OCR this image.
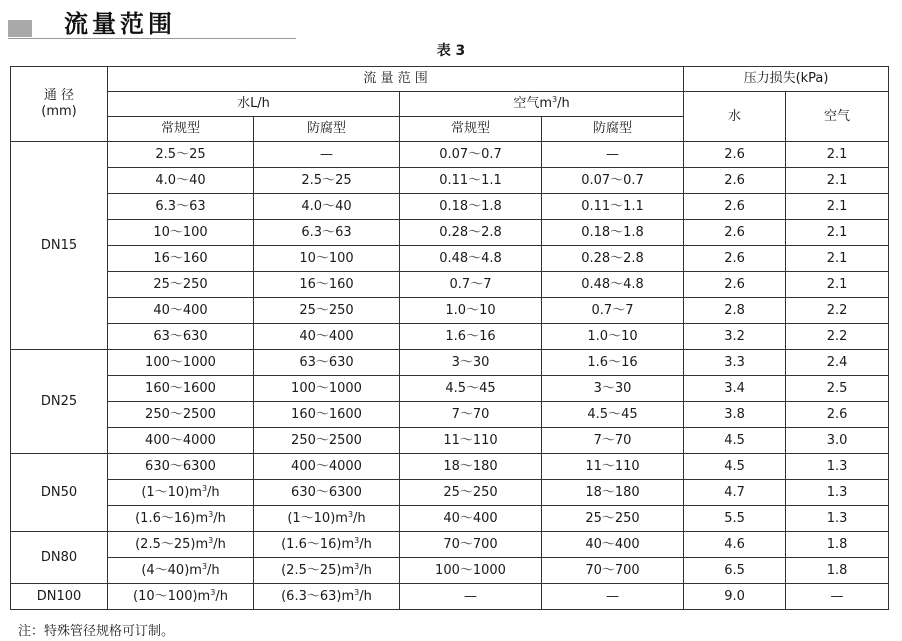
流量范围
表 3
通 径
(mm)	流 量 范 围				压力损失(kPa)	
	水L/h		空气$m^3/h$		水	空气
	常规型	防腐型	常规型	防腐型		
DN15	2.5～25	—	0.07～0.7	—	2.6	2.1
	4.0～40	2.5～25	0.11～1.1	0.07～0.7	2.6	2.1
	6.3～63	4.0～40	0.18～1.8	0.11～1.1	2.6	2.1
	10～100	6.3～63	0.28～2.8	0.18～1.8	2.6	2.1
	16～160	10～100	0.48～4.8	0.28～2.8	2.6	2.1
	25～250	16～160	0.7～7	0.48～4.8	2.6	2.1
	40～400	25～250	1.0～10	0.7～7	2.8	2.2
	63～630	40～400	1.6～16	1.0～10	3.2	2.2
DN25	100～1000	63～630	3～30	1.6～16	3.3	2.4
	160～1600	100～1000	4.5～45	3～30	3.4	2.5
	250～2500	160～1600	7～70	4.5～45	3.8	2.6
	400～4000	250～2500	11～110	7～70	4.5	3.0
DN50	630～6300	400～4000	18～180	11～110	4.5	1.3
	$(1\sim 10)m^3/h$	630～6300	25～250	18～180	4.7	1.3
	$(1.6\sim 16)m^3/h$	$(1\sim 10)m^3/h$	40～400	25～250	5.5	1.3
DN80	$(2.5\sim 25)m^3/h$	$(1.6\sim 16)m^3/h$	70～700	40～400	4.6	1.8
	$(4\sim 40)m^3/h$	$(2.5\sim 25)m^3/h$	100～1000	70～700	6.5	1.8
DN100	$(10\sim 100)m^3/h$	$(6.3\sim 63)m^3/h$	—	—	9.0	—
注：特殊管径规格可订制。
